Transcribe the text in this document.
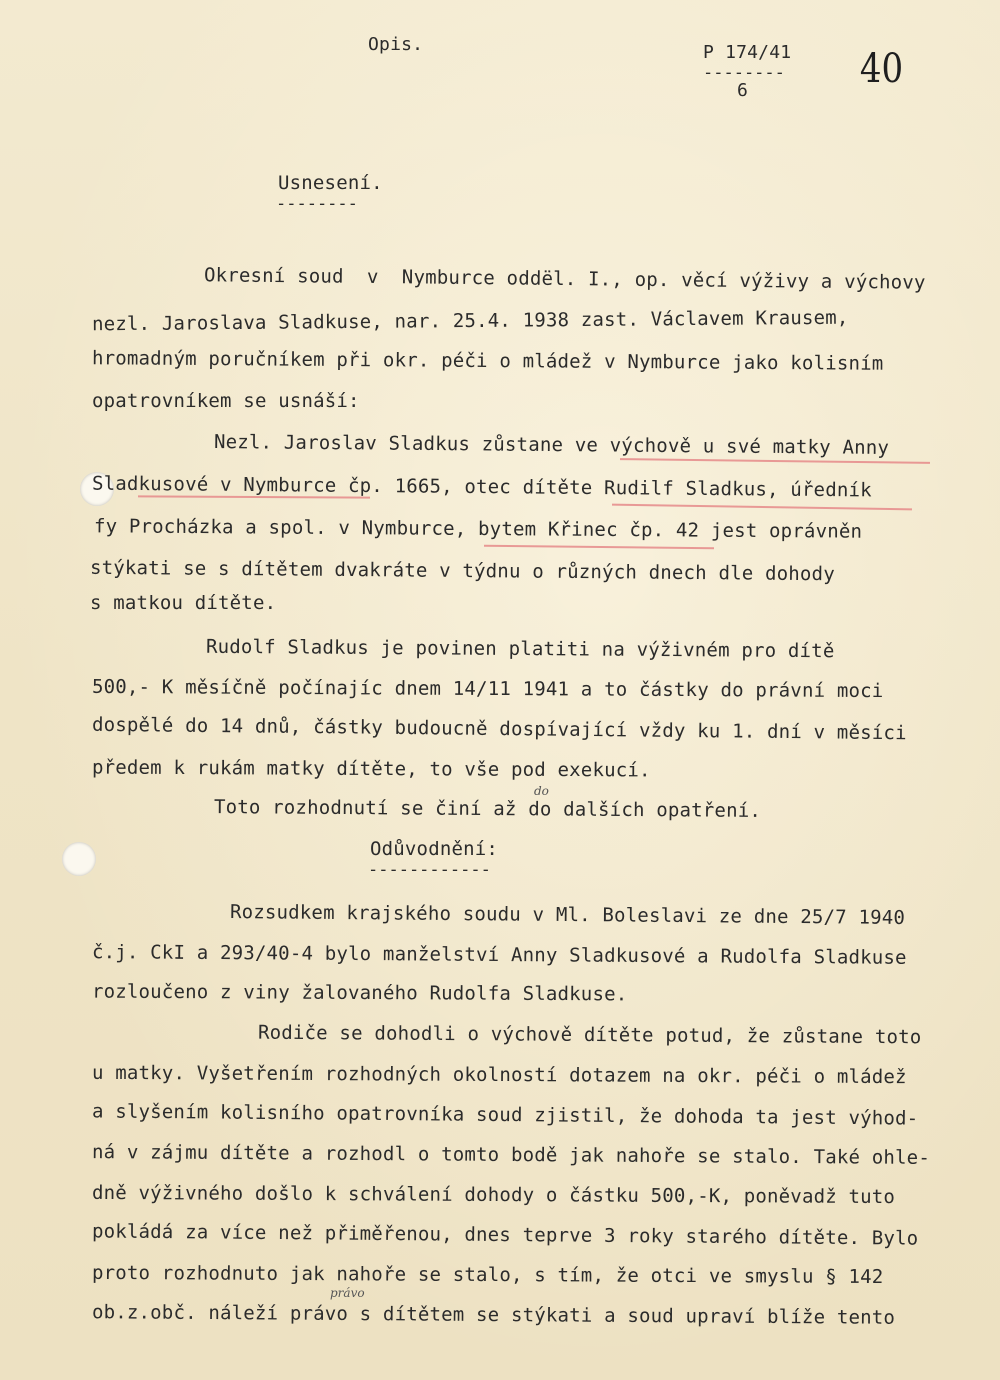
Opis.	P 174/41
--------
6	40
Usnesení.
--------
Okresní soud  v  Nymburce oddël. I., op. věcí výživy a výchovy
nezl. Jaroslava Sladkuse, nar. 25.4. 1938 zast. Václavem Krausem,
hromadným poručníkem při okr. péči o mládež v Nymburce jako kolisním
opatrovníkem se usnáší:
Nezl. Jaroslav Sladkus zůstane ve výchově u své matky Anny
Sladkusové v Nymburce čp. 1665, otec dítěte Rudilf Sladkus, úředník
fy Procházka a spol. v Nymburce, bytem Křinec čp. 42 jest oprávněn
stýkati se s dítětem dvakráte v týdnu o různých dnech dle dohody
s matkou dítěte.
Rudolf Sladkus je povinen platiti na výživném pro dítě
500,- K měsíčně počínajíc dnem 14/11 1941 a to částky do právní moci
dospělé do 14 dnů, částky budoucně dospívající vždy ku 1. dní v měsíci
předem k rukám matky dítěte, to vše pod exekucí.
Toto rozhodnutí se činí až do dalších opatření.
do
Odůvodnění:
------------
Rozsudkem krajského soudu v Ml. Boleslavi ze dne 25/7 1940
č.j. CkI a 293/40-4 bylo manželství Anny Sladkusové a Rudolfa Sladkuse
rozloučeno z viny žalovaného Rudolfa Sladkuse.
Rodiče se dohodli o výchově dítěte potud, že zůstane toto
u matky. Vyšetřením rozhodných okolností dotazem na okr. péči o mládež
a slyšením kolisního opatrovníka soud zjistil, že dohoda ta jest výhod-
ná v zájmu dítěte a rozhodl o tomto bodě jak nahoře se stalo. Také ohle-
dně výživného došlo k schválení dohody o částku 500,-K, poněvadž tuto
pokládá za více než přiměřenou, dnes teprve 3 roky starého dítěte. Bylo
proto rozhodnuto jak nahoře se stalo, s tím, že otci ve smyslu § 142
ob.z.obč. náleží právo s dítětem se stýkati a soud upraví blíže tento
právo
